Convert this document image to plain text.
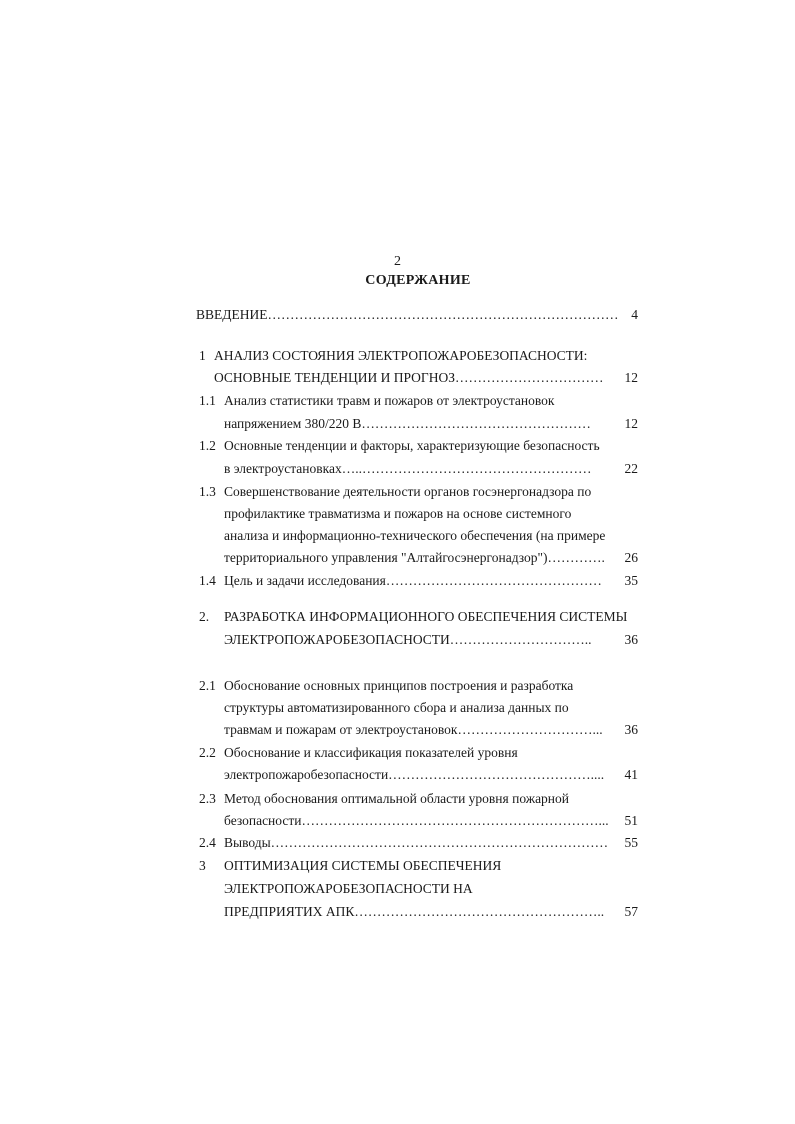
2
СОДЕРЖАНИЕ
ВВЕДЕНИЕ…………………………………………………………………… 4
1 АНАЛИЗ СОСТОЯНИЯ ЭЛЕКТРОПОЖАРОБЕЗОПАСНОСТИ:
ОСНОВНЫЕ ТЕНДЕНЦИИ И ПРОГНОЗ……………………………	12
1.1 Анализ статистики травм и пожаров от электроустановок
напряжением 380/220 В……………………………………………	12
1.2 Основные тенденции и факторы, характеризующие безопасность
в электроустановках…..……………………………………………	22
1.3 Совершенствование деятельности органов госэнергонадзора по
профилактике травматизма и пожаров на основе системного
анализа и информационно-технического обеспечения (на примере
территориального управления "Алтайгосэнергонадзор")………….	26
1.4 Цель и задачи исследования…………………………………………	35
2. РАЗРАБОТКА ИНФОРМАЦИОННОГО ОБЕСПЕЧЕНИЯ СИСТЕМЫ
ЭЛЕКТРОПОЖАРОБЕЗОПАСНОСТИ…………………………..	36
2.1 Обоснование основных принципов построения и разработка
структуры автоматизированного сбора и анализа данных по
травмам и пожарам от электроустановок…………………………...	36
2.2 Обоснование и классификация показателей уровня
электропожаробезопасности………………………………………....	41
2.3 Метод обоснования оптимальной области уровня пожарной
безопасности…………………………………………………………...	51
2.4 Выводы…………………………………………………………………	55
3 ОПТИМИЗАЦИЯ СИСТЕМЫ ОБЕСПЕЧЕНИЯ
ЭЛЕКТРОПОЖАРОБЕЗОПАСНОСТИ НА
ПРЕДПРИЯТИХ АПК………………………………………………..	57
